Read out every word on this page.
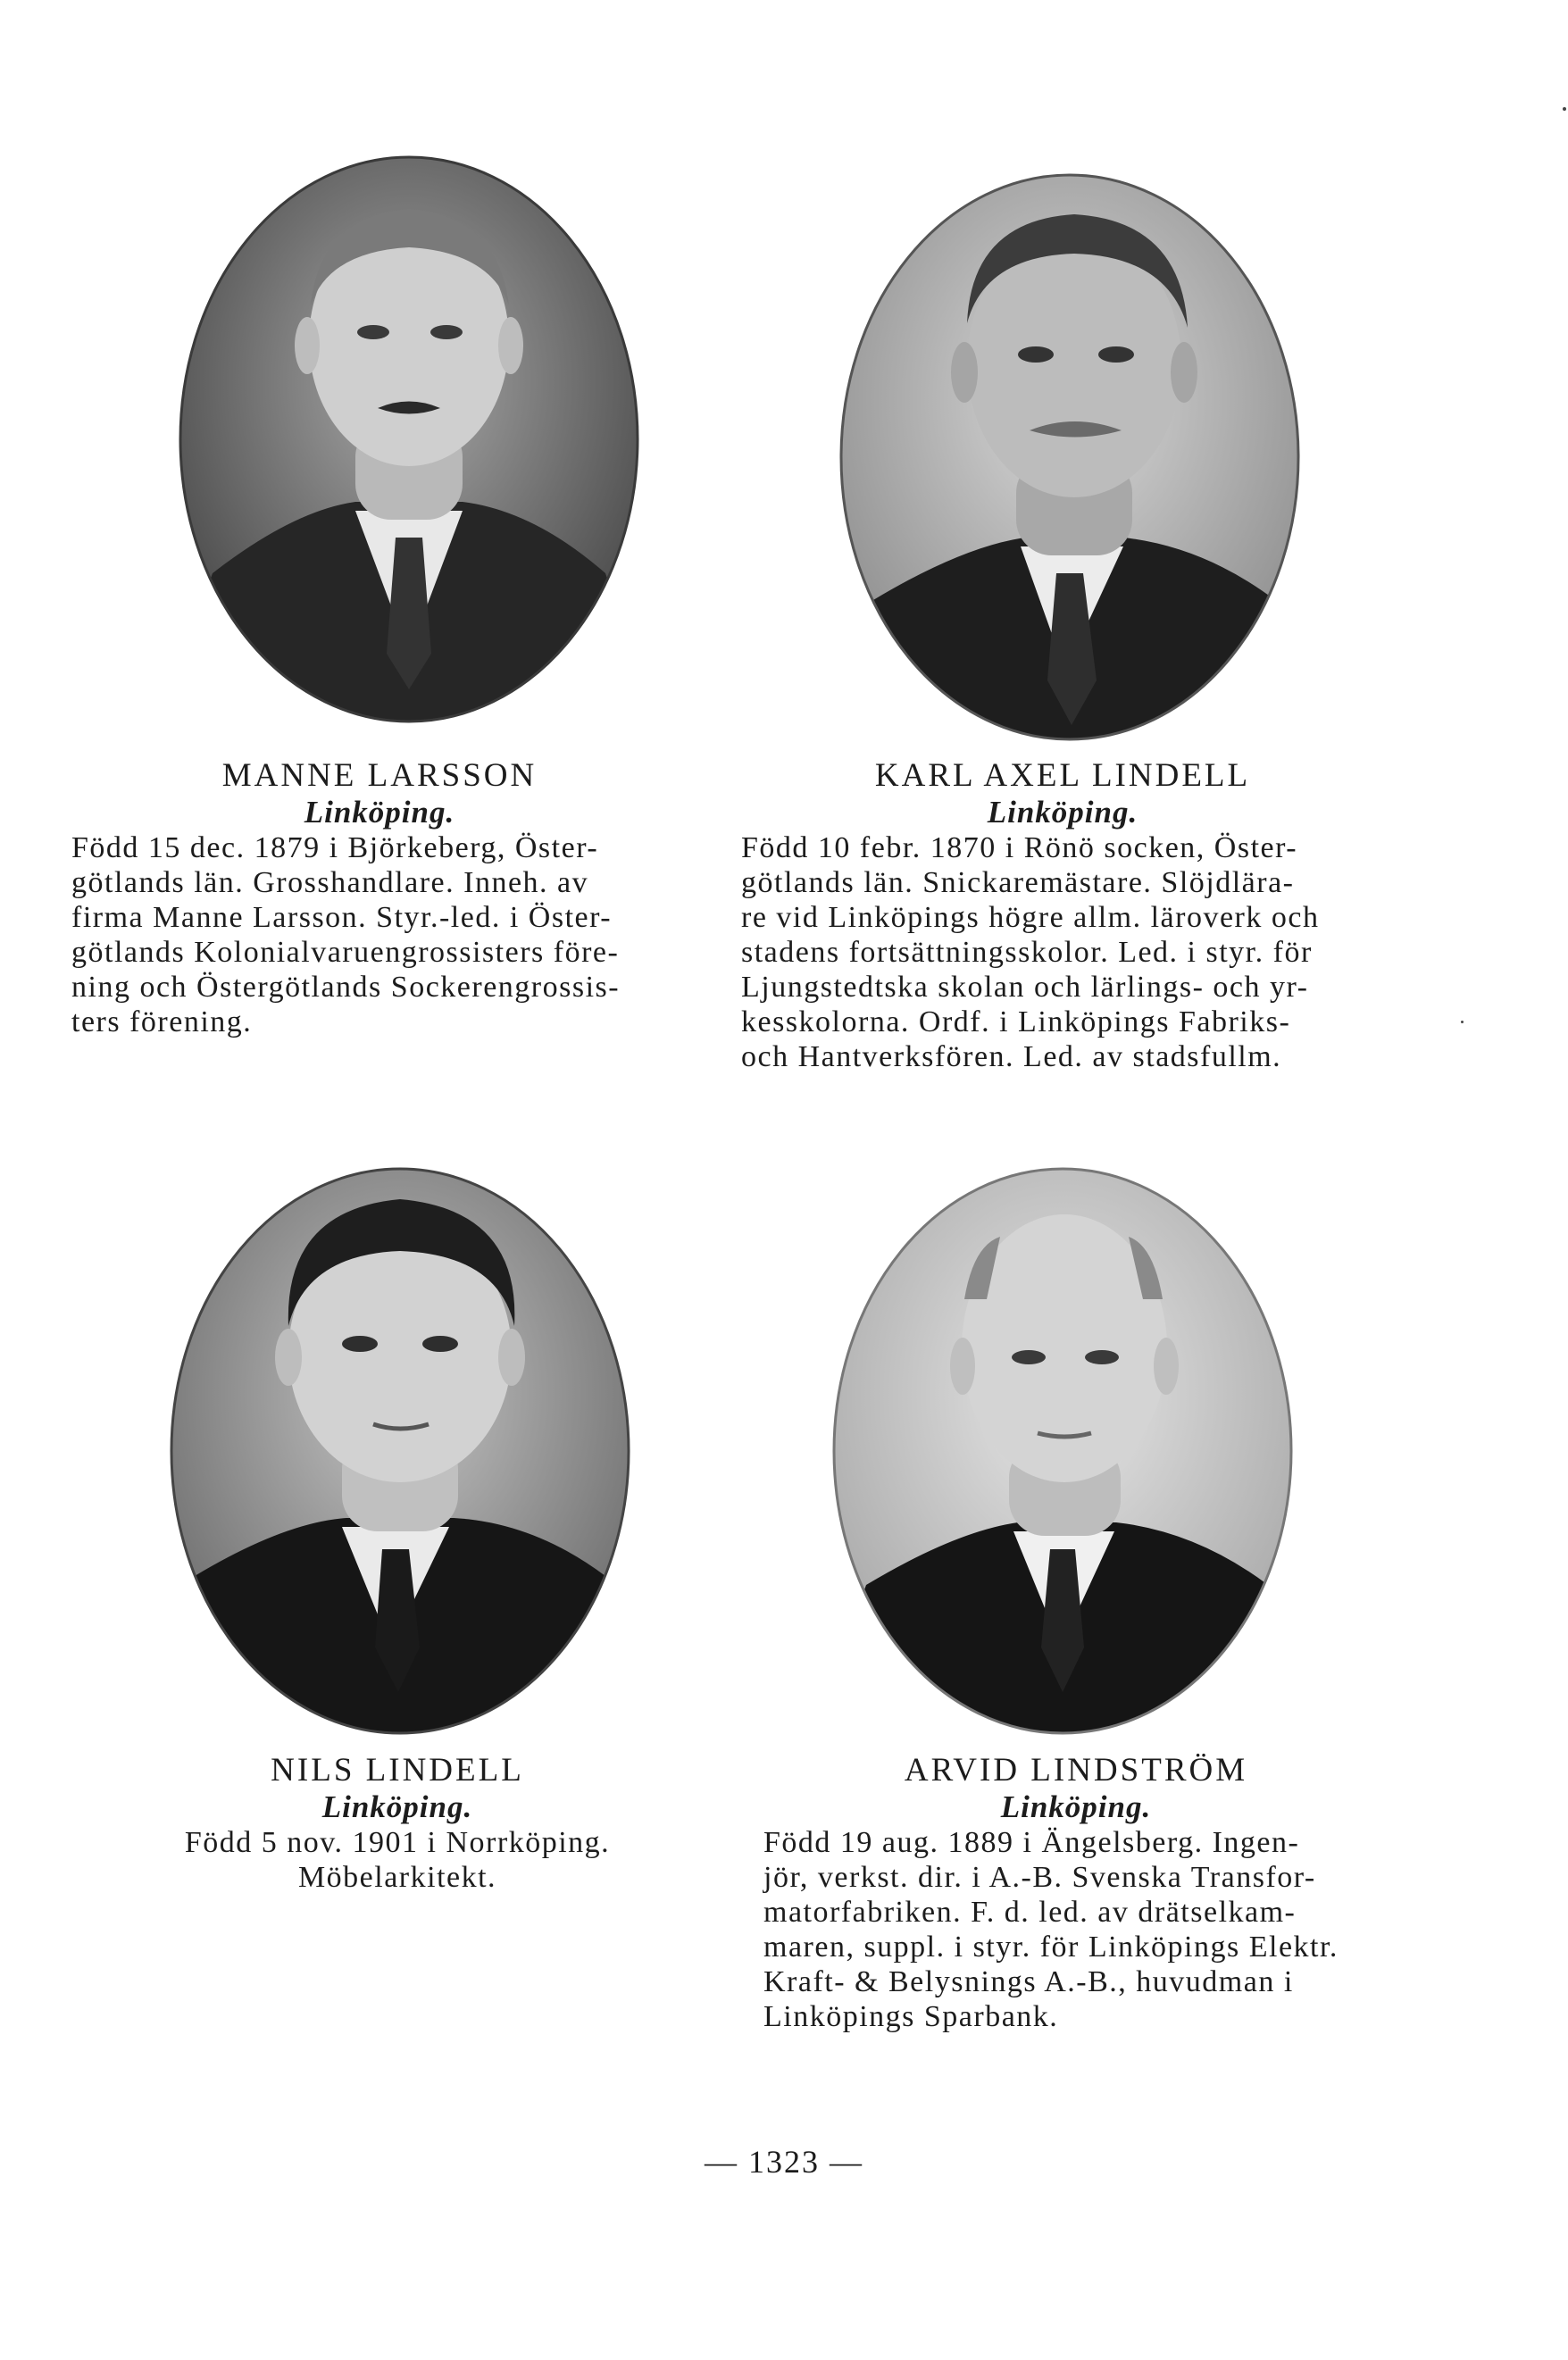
MANNE LARSSON

Linköping.

Född 15 dec. 1879 i Björkeberg, Öster-

götlands län. Grosshandlare. Inneh. av

firma Manne Larsson. Styr.-led. i Öster-

götlands Kolonialvaruengrossisters före-

ning och Östergötlands Sockerengrossis-

ters förening.

KARL AXEL LINDELL

Linköping.

Född 10 febr. 1870 i Rönö socken, Öster-

götlands län. Snickaremästare. Slöjdlära-

re vid Linköpings högre allm. läroverk och

stadens fortsättningsskolor. Led. i styr. för

Ljungstedtska skolan och lärlings- och yr-

kesskolorna. Ordf. i Linköpings Fabriks-

och Hantverksfören. Led. av stadsfullm.

NILS LINDELL

Linköping.

Född 5 nov. 1901 i Norrköping.

Möbelarkitekt.

ARVID LINDSTRÖM

Linköping.

Född 19 aug. 1889 i Ängelsberg. Ingen-

jör, verkst. dir. i A.-B. Svenska Transfor-

matorfabriken. F. d. led. av drätselkam-

maren, suppl. i styr. för Linköpings Elektr.

Kraft- & Belysnings A.-B., huvudman i

Linköpings Sparbank.

— 1323 —
